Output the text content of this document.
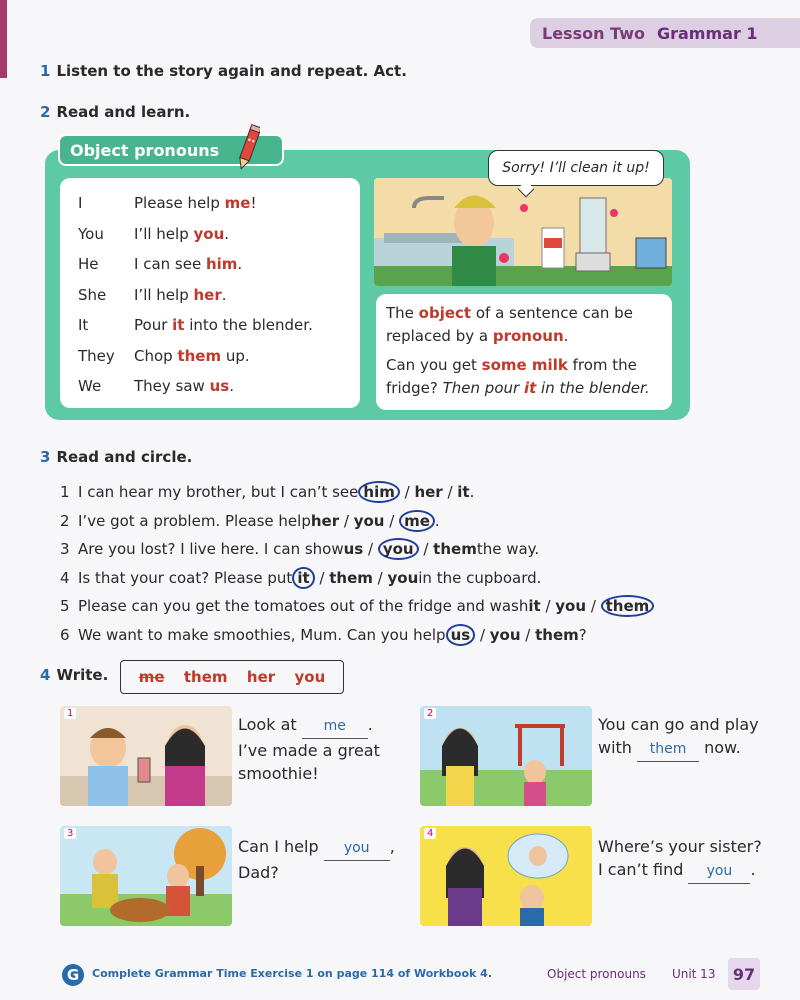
Lesson Two Grammar 1
1 Listen to the story again and repeat. Act.
2 Read and learn.
Object pronouns
I	Please help me!
You	I’ll help you.
He	I can see him.
She	I’ll help her.
It	Pour it into the blender.
They	Chop them up.
We	They saw us.
Sorry! I’ll clean it up!

The object of a sentence can be replaced by a pronoun.

Can you get some milk from the fridge? Then pour it in the blender.

3 Read and circle.
1 I can hear my brother, but I can’t see him / her / it .
2 I’ve got a problem. Please help her / you / me .
3 Are you lost? I live here. I can show us / you / them the way.
4 Is that your coat? Please put it / them / you in the cupboard.
5 Please can you get the tomatoes out of the fridge and wash it / you / them
6 We want to make smoothies, Mum. Can you help us / you / them ?
4 Write. me them her you
1
Look at me .
I’ve made a great
smoothie!
2
You can go and play
with them now.
3
Can I help you ,
Dad?
4
Where’s your sister?
I can’t find you .
G	Complete Grammar Time Exercise 1 on page 114 of Workbook 4.	Object pronouns Unit 13	97
